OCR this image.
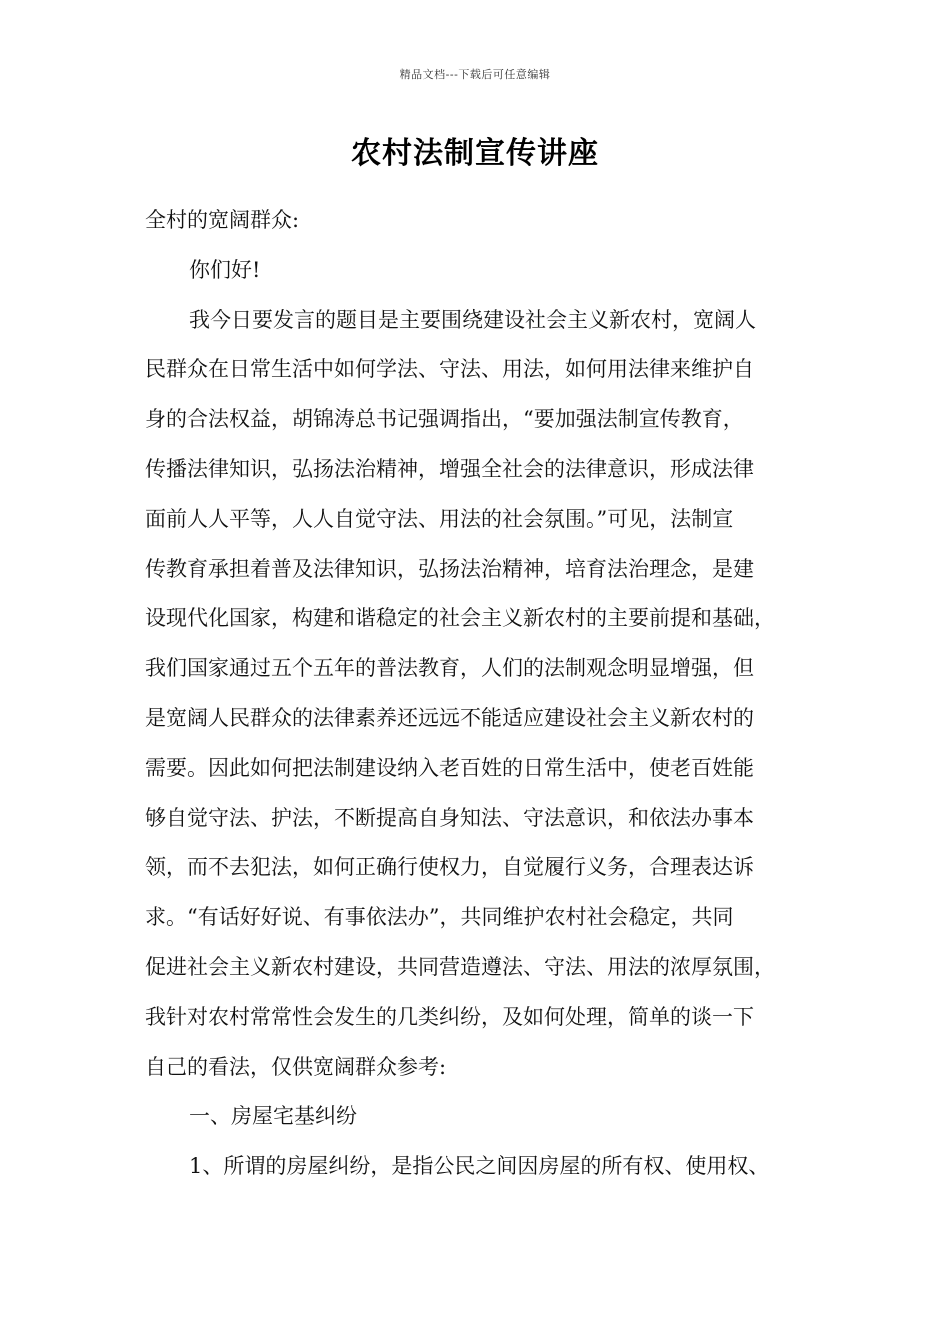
精品文档---下载后可任意编辑
农村法制宣传讲座
全村的宽阔群众:
你们好!
我今日要发言的题目是主要围绕建设社会主义新农村，宽阔人
民群众在日常生活中如何学法、守法、用法，如何用法律来维护自
身的合法权益，胡锦涛总书记强调指出，“要加强法制宣传教育，
传播法律知识，弘扬法治精神，增强全社会的法律意识，形成法律
面前人人平等，人人自觉守法、用法的社会氛围。”可见，法制宣
传教育承担着普及法律知识，弘扬法治精神，培育法治理念，是建
设现代化国家，构建和谐稳定的社会主义新农村的主要前提和基础，
我们国家通过五个五年的普法教育，人们的法制观念明显增强，但
是宽阔人民群众的法律素养还远远不能适应建设社会主义新农村的
需要。因此如何把法制建设纳入老百姓的日常生活中，使老百姓能
够自觉守法、护法，不断提高自身知法、守法意识，和依法办事本
领，而不去犯法，如何正确行使权力，自觉履行义务，合理表达诉
求。“有话好好说、有事依法办”，共同维护农村社会稳定，共同
促进社会主义新农村建设，共同营造遵法、守法、用法的浓厚氛围，
我针对农村常常性会发生的几类纠纷，及如何处理，简单的谈一下
自己的看法，仅供宽阔群众参考:
一、房屋宅基纠纷
1、所谓的房屋纠纷，是指公民之间因房屋的所有权、使用权、
